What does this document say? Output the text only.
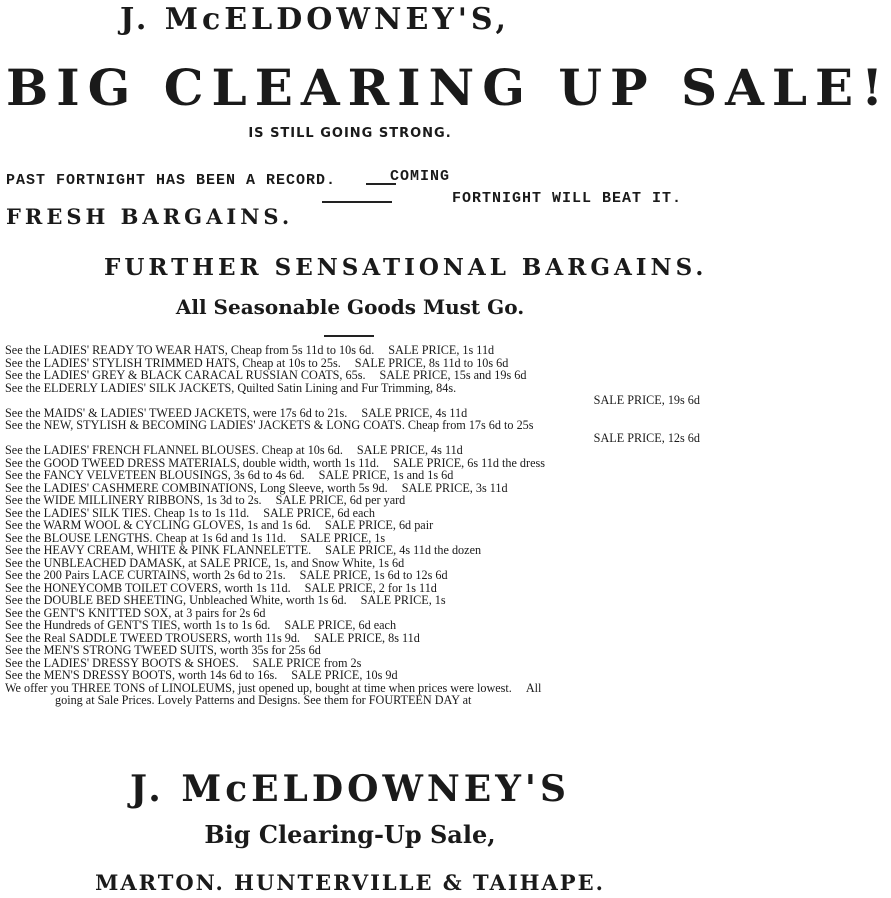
J. McELDOWNEY'S,
BIG CLEARING UP SALE!
IS STILL GOING STRONG.
PAST FORTNIGHT HAS BEEN A RECORD.	COMING
FORTNIGHT WILL BEAT IT.
FRESH BARGAINS.
FURTHER SENSATIONAL BARGAINS.
All Seasonable Goods Must Go.
See the LADIES' READY TO WEAR HATS, Cheap from 5s 11d to 10s 6d. SALE PRICE, 1s 11d
See the LADIES' STYLISH TRIMMED HATS, Cheap at 10s to 25s. SALE PRICE, 8s 11d to 10s 6d
See the LADIES' GREY & BLACK CARACAL RUSSIAN COATS, 65s. SALE PRICE, 15s and 19s 6d
See the ELDERLY LADIES' SILK JACKETS, Quilted Satin Lining and Fur Trimming, 84s.
SALE PRICE, 19s 6d
See the MAIDS' & LADIES' TWEED JACKETS, were 17s 6d to 21s. SALE PRICE, 4s 11d
See the NEW, STYLISH & BECOMING LADIES' JACKETS & LONG COATS. Cheap from 17s 6d to 25s
SALE PRICE, 12s 6d
See the LADIES' FRENCH FLANNEL BLOUSES. Cheap at 10s 6d. SALE PRICE, 4s 11d
See the GOOD TWEED DRESS MATERIALS, double width, worth 1s 11d. SALE PRICE, 6s 11d the dress
See the FANCY VELVETEEN BLOUSINGS, 3s 6d to 4s 6d. SALE PRICE, 1s and 1s 6d
See the LADIES' CASHMERE COMBINATIONS, Long Sleeve, worth 5s 9d. SALE PRICE, 3s 11d
See the WIDE MILLINERY RIBBONS, 1s 3d to 2s. SALE PRICE, 6d per yard
See the LADIES' SILK TIES. Cheap 1s to 1s 11d. SALE PRICE, 6d each
See the WARM WOOL & CYCLING GLOVES, 1s and 1s 6d. SALE PRICE, 6d pair
See the BLOUSE LENGTHS. Cheap at 1s 6d and 1s 11d. SALE PRICE, 1s
See the HEAVY CREAM, WHITE & PINK FLANNELETTE. SALE PRICE, 4s 11d the dozen
See the UNBLEACHED DAMASK, at SALE PRICE, 1s, and Snow White, 1s 6d
See the 200 Pairs LACE CURTAINS, worth 2s 6d to 21s. SALE PRICE, 1s 6d to 12s 6d
See the HONEYCOMB TOILET COVERS, worth 1s 11d. SALE PRICE, 2 for 1s 11d
See the DOUBLE BED SHEETING, Unbleached White, worth 1s 6d. SALE PRICE, 1s
See the GENT'S KNITTED SOX, at 3 pairs for 2s 6d
See the Hundreds of GENT'S TIES, worth 1s to 1s 6d. SALE PRICE, 6d each
See the Real SADDLE TWEED TROUSERS, worth 11s 9d. SALE PRICE, 8s 11d
See the MEN'S STRONG TWEED SUITS, worth 35s for 25s 6d
See the LADIES' DRESSY BOOTS & SHOES. SALE PRICE from 2s
See the MEN'S DRESSY BOOTS, worth 14s 6d to 16s. SALE PRICE, 10s 9d
We offer you THREE TONS of LINOLEUMS, just opened up, bought at time when prices were lowest. All
going at Sale Prices. Lovely Patterns and Designs. See them for FOURTEEN DAY at
J. McELDOWNEY'S
Big Clearing-Up Sale,
MARTON. HUNTERVILLE & TAIHAPE.
